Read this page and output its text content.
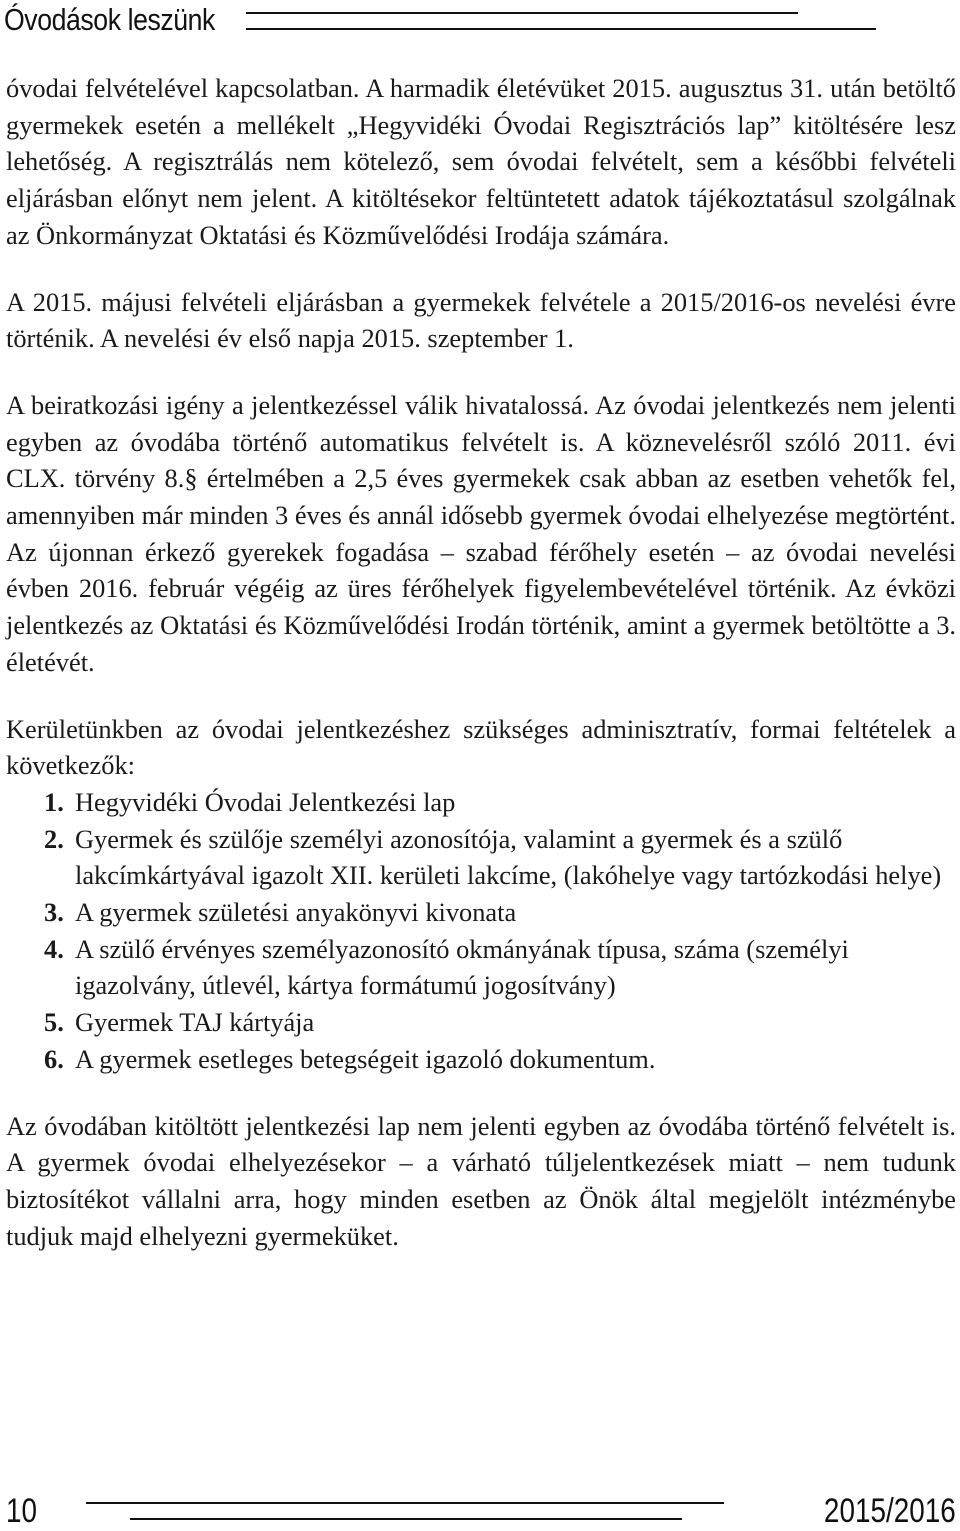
Óvodások leszünk

óvodai felvételével kapcsolatban. A harmadik életévüket 2015. augusztus 31. után betöltő gyermekek esetén a mellékelt „Hegyvidéki Óvodai Regisztrációs lap” kitöltésére lesz lehetőség. A regisztrálás nem kötelező, sem óvodai felvételt, sem a későbbi felvételi eljárásban előnyt nem jelent. A kitöltésekor feltüntetett adatok tájékoztatásul szolgálnak az Önkormányzat Oktatási és Közművelődési Irodája számára.

A 2015. májusi felvételi eljárásban a gyermekek felvétele a 2015/2016-os nevelési évre történik. A nevelési év első napja 2015. szeptember 1.

A beiratkozási igény a jelentkezéssel válik hivatalossá. Az óvodai jelentkezés nem jelenti egyben az óvodába történő automatikus felvételt is. A köznevelésről szóló 2011. évi CLX. törvény 8.§ értelmében a 2,5 éves gyermekek csak abban az esetben vehetők fel, amennyiben már minden 3 éves és annál idősebb gyermek óvodai elhelyezése megtörtént. Az újonnan érkező gyerekek fogadása – szabad férőhely esetén – az óvodai nevelési évben 2016. február végéig az üres férőhelyek figyelembevételével történik. Az évközi jelentkezés az Oktatási és Közművelődési Irodán történik, amint a gyermek betöltötte a 3. életévét.

Kerületünkben az óvodai jelentkezéshez szükséges adminisztratív, formai feltételek a következők:

1. Hegyvidéki Óvodai Jelentkezési lap
2. Gyermek és szülője személyi azonosítója, valamint a gyermek és a szülő lakcímkártyával igazolt XII. kerületi lakcíme, (lakóhelye vagy tartózkodási helye)
3. A gyermek születési anyakönyvi kivonata
4. A szülő érvényes személyazonosító okmányának típusa, száma (személyi igazolvány, útlevél, kártya formátumú jogosítvány)
5. Gyermek TAJ kártyája
6. A gyermek esetleges betegségeit igazoló dokumentum.

Az óvodában kitöltött jelentkezési lap nem jelenti egyben az óvodába történő felvételt is. A gyermek óvodai elhelyezésekor – a várható túljelentkezések miatt – nem tudunk biztosítékot vállalni arra, hogy minden esetben az Önök által megjelölt intézménybe tudjuk majd elhelyezni gyermeküket.

10	2015/2016
